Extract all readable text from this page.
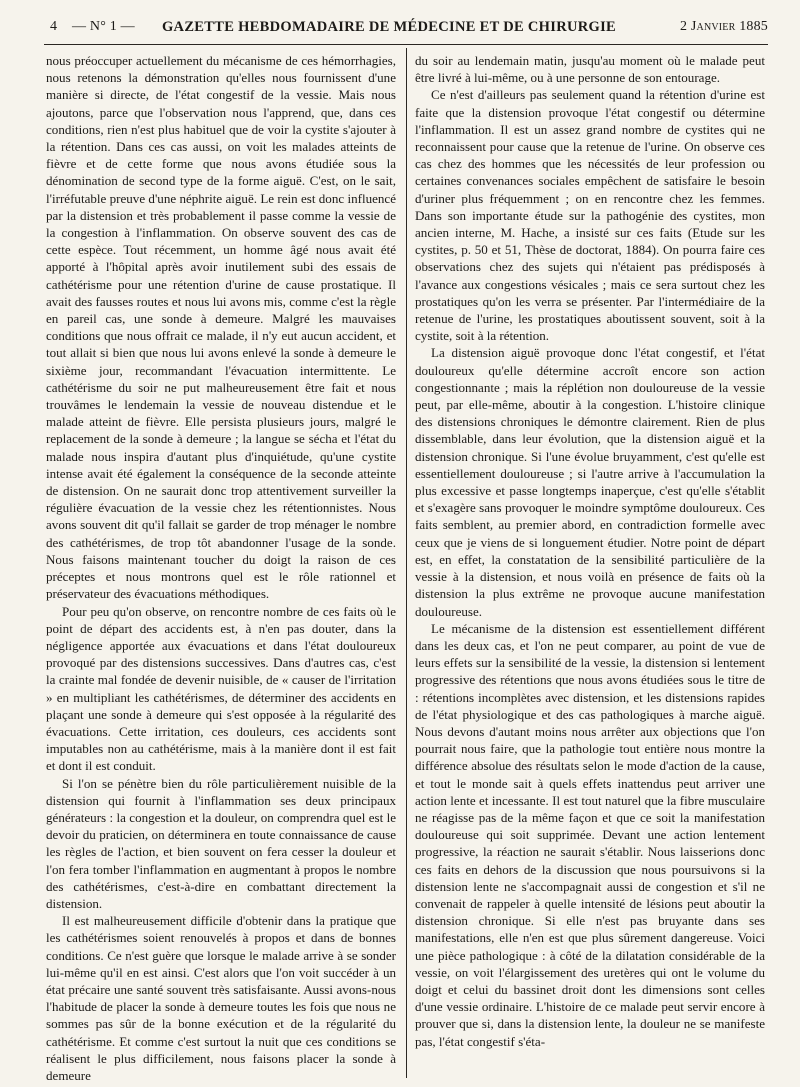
4	— N° 1 —	GAZETTE HEBDOMADAIRE DE MÉDECINE ET DE CHIRURGIE	2 Janvier 1885

nous préoccuper actuellement du mécanisme de ces hémorrhagies, nous retenons la démonstration qu'elles nous fournissent d'une manière si directe, de l'état congestif de la vessie. Mais nous ajoutons, parce que l'observation nous l'apprend, que, dans ces conditions, rien n'est plus habituel que de voir la cystite s'ajouter à la rétention. Dans ces cas aussi, on voit les malades atteints de fièvre et de cette forme que nous avons étudiée sous la dénomination de second type de la forme aiguë. C'est, on le sait, l'irréfutable preuve d'une néphrite aiguë. Le rein est donc influencé par la distension et très probablement il passe comme la vessie de la congestion à l'inflammation. On observe souvent des cas de cette espèce. Tout récemment, un homme âgé nous avait été apporté à l'hôpital après avoir inutilement subi des essais de cathétérisme pour une rétention d'urine de cause prostatique. Il avait des fausses routes et nous lui avons mis, comme c'est la règle en pareil cas, une sonde à demeure. Malgré les mauvaises conditions que nous offrait ce malade, il n'y eut aucun accident, et tout allait si bien que nous lui avons enlevé la sonde à demeure le sixième jour, recommandant l'évacuation intermittente. Le cathétérisme du soir ne put malheureusement être fait et nous trouvâmes le lendemain la vessie de nouveau distendue et le malade atteint de fièvre. Elle persista plusieurs jours, malgré le replacement de la sonde à demeure ; la langue se sécha et l'état du malade nous inspira d'autant plus d'inquiétude, qu'une cystite intense avait été également la conséquence de la seconde atteinte de distension. On ne saurait donc trop attentivement surveiller la régulière évacuation de la vessie chez les rétentionnistes. Nous avons souvent dit qu'il fallait se garder de trop ménager le nombre des cathétérismes, de trop tôt abandonner l'usage de la sonde. Nous faisons maintenant toucher du doigt la raison de ces préceptes et nous montrons quel est le rôle rationnel et préservateur des évacuations méthodiques.

Pour peu qu'on observe, on rencontre nombre de ces faits où le point de départ des accidents est, à n'en pas douter, dans la négligence apportée aux évacuations et dans l'état douloureux provoqué par des distensions successives. Dans d'autres cas, c'est la crainte mal fondée de devenir nuisible, de « causer de l'irritation » en multipliant les cathétérismes, de déterminer des accidents en plaçant une sonde à demeure qui s'est opposée à la régularité des évacuations. Cette irritation, ces douleurs, ces accidents sont imputables non au cathétérisme, mais à la manière dont il est fait et dont il est conduit.

Si l'on se pénètre bien du rôle particulièrement nuisible de la distension qui fournit à l'inflammation ses deux principaux générateurs : la congestion et la douleur, on comprendra quel est le devoir du praticien, on déterminera en toute connaissance de cause les règles de l'action, et bien souvent on fera cesser la douleur et l'on fera tomber l'inflammation en augmentant à propos le nombre des cathétérismes, c'est-à-dire en combattant directement la distension.

Il est malheureusement difficile d'obtenir dans la pratique que les cathétérismes soient renouvelés à propos et dans de bonnes conditions. Ce n'est guère que lorsque le malade arrive à se sonder lui-même qu'il en est ainsi. C'est alors que l'on voit succéder à un état précaire une santé souvent très satisfaisante. Aussi avons-nous l'habitude de placer la sonde à demeure toutes les fois que nous ne sommes pas sûr de la bonne exécution et de la régularité du cathétérisme. Et comme c'est surtout la nuit que ces conditions se réalisent le plus difficilement, nous faisons placer la sonde à demeure

du soir au lendemain matin, jusqu'au moment où le malade peut être livré à lui-même, ou à une personne de son entourage.

Ce n'est d'ailleurs pas seulement quand la rétention d'urine est faite que la distension provoque l'état congestif ou détermine l'inflammation. Il est un assez grand nombre de cystites qui ne reconnaissent pour cause que la retenue de l'urine. On observe ces cas chez des hommes que les nécessités de leur profession ou certaines convenances sociales empêchent de satisfaire le besoin d'uriner plus fréquemment ; on en rencontre chez les femmes. Dans son importante étude sur la pathogénie des cystites, mon ancien interne, M. Hache, a insisté sur ces faits (Etude sur les cystites, p. 50 et 51, Thèse de doctorat, 1884). On pourra faire ces observations chez des sujets qui n'étaient pas prédisposés à l'avance aux congestions vésicales ; mais ce sera surtout chez les prostatiques qu'on les verra se présenter. Par l'intermédiaire de la retenue de l'urine, les prostatiques aboutissent souvent, soit à la cystite, soit à la rétention.

La distension aiguë provoque donc l'état congestif, et l'état douloureux qu'elle détermine accroît encore son action congestionnante ; mais la réplétion non douloureuse de la vessie peut, par elle-même, aboutir à la congestion. L'histoire clinique des distensions chroniques le démontre clairement. Rien de plus dissemblable, dans leur évolution, que la distension aiguë et la distension chronique. Si l'une évolue bruyamment, c'est qu'elle est essentiellement douloureuse ; si l'autre arrive à l'accumulation la plus excessive et passe longtemps inaperçue, c'est qu'elle s'établit et s'exagère sans provoquer le moindre symptôme douloureux. Ces faits semblent, au premier abord, en contradiction formelle avec ceux que je viens de si longuement étudier. Notre point de départ est, en effet, la constatation de la sensibilité particulière de la vessie à la distension, et nous voilà en présence de faits où la distension la plus extrême ne provoque aucune manifestation douloureuse.

Le mécanisme de la distension est essentiellement différent dans les deux cas, et l'on ne peut comparer, au point de vue de leurs effets sur la sensibilité de la vessie, la distension si lentement progressive des rétentions que nous avons étudiées sous le titre de : rétentions incomplètes avec distension, et les distensions rapides de l'état physiologique et des cas pathologiques à marche aiguë. Nous devons d'autant moins nous arrêter aux objections que l'on pourrait nous faire, que la pathologie tout entière nous montre la différence absolue des résultats selon le mode d'action de la cause, et tout le monde sait à quels effets inattendus peut arriver une action lente et incessante. Il est tout naturel que la fibre musculaire ne réagisse pas de la même façon et que ce soit la manifestation douloureuse qui soit supprimée. Devant une action lentement progressive, la réaction ne saurait s'établir. Nous laisserions donc ces faits en dehors de la discussion que nous poursuivons si la distension lente ne s'accompagnait aussi de congestion et s'il ne convenait de rappeler à quelle intensité de lésions peut aboutir la distension chronique. Si elle n'est pas bruyante dans ses manifestations, elle n'en est que plus sûrement dangereuse. Voici une pièce pathologique : à côté de la dilatation considérable de la vessie, on voit l'élargissement des uretères qui ont le volume du doigt et celui du bassinet droit dont les dimensions sont celles d'une vessie ordinaire. L'histoire de ce malade peut servir encore à prouver que si, dans la distension lente, la douleur ne se manifeste pas, l'état congestif s'éta-
